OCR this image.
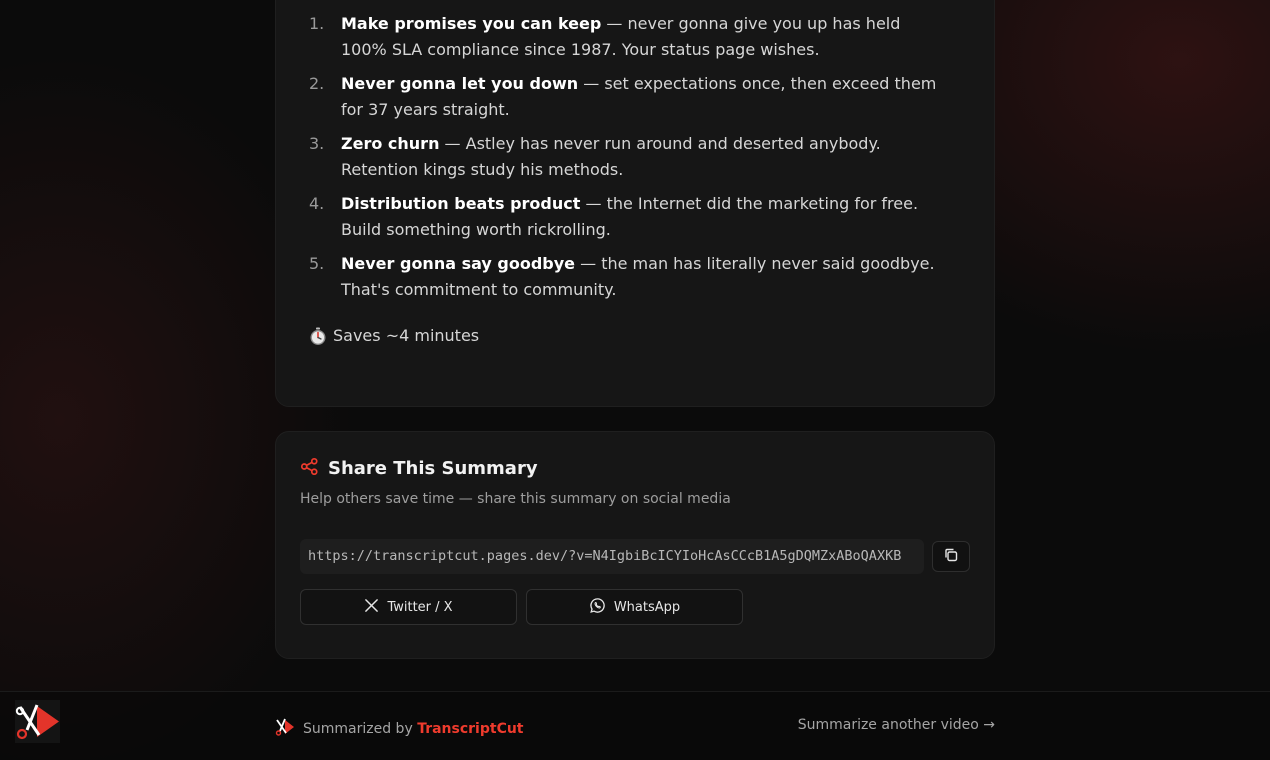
1.	Make promises you can keep — never gonna give you up has held 100% SLA compliance since 1987. Your status page wishes.
2.	Never gonna let you down — set expectations once, then exceed them for 37 years straight.
3.	Zero churn — Astley has never run around and deserted anybody. Retention kings study his methods.
4.	Distribution beats product — the Internet did the marketing for free. Build something worth rickrolling.
5.	Never gonna say goodbye — the man has literally never said goodbye. That's commitment to community.
Saves ~4 minutes
Share This Summary
Help others save time — share this summary on social media
https://transcriptcut.pages.dev/?v=N4IgbiBcICYIoHcAsCCcB1A5gDQMZxABoQAXKB
Twitter / X	WhatsApp
Summarized by TranscriptCut	Summarize another video →
